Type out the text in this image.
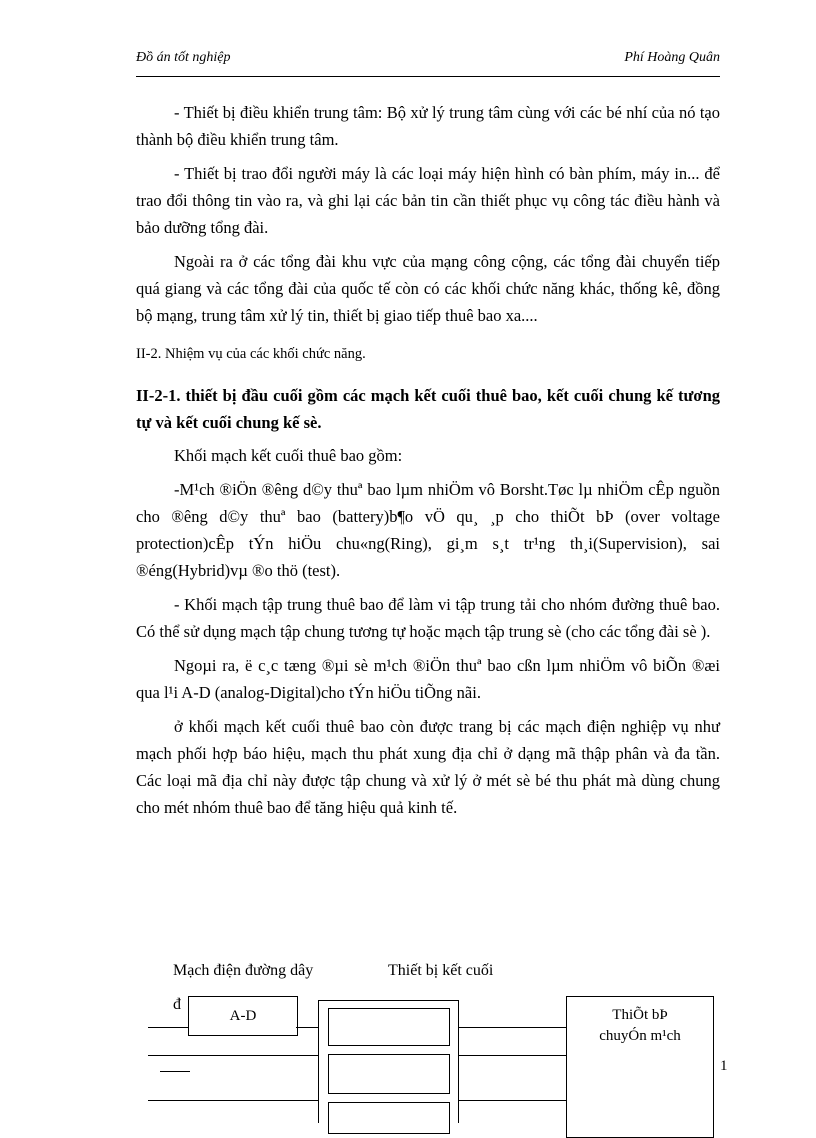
Đồ án tốt nghiệp	Phí Hoàng Quân

- Thiết bị điều khiển trung tâm: Bộ xử lý trung tâm cùng với các bé nhí của nó tạo thành bộ điều khiển trung tâm.

- Thiết bị trao đổi người máy là các loại máy hiện hình có bàn phím, máy in... để trao đổi thông tin vào ra, và ghi lại các bản tin cần thiết phục vụ công tác điều hành và bảo dưỡng tổng đài.

Ngoài ra ở các tổng đài khu vực của mạng công cộng, các tổng đài chuyển tiếp quá giang và các tổng đài của quốc tế còn có các khối chức năng khác, thống kê, đồng bộ mạng, trung tâm xử lý tin, thiết bị giao tiếp thuê bao xa....

II-2. Nhiệm vụ của các khối chức năng.

II-2-1. thiết bị đầu cuối gồm các mạch kết cuối thuê bao, kết cuối chung kế tương tự và kết cuối chung kế sè.

Khối mạch kết cuối thuê bao gồm:

-M¹ch ®iÖn ®êng d©y thuª bao lµm nhiÖm vô Borsht.Tøc lµ nhiÖm cÊp nguồn cho ®êng d©y thuª bao (battery)b¶o vÖ qu¸ ¸p cho thiÕt bÞ (over voltage protection)cÊp tÝn hiÖu chu«ng(Ring), gi¸m s¸t tr¹ng th¸i(Supervision), sai ®éng(Hybrid)vµ ®o thö (test).

- Khối mạch tập trung thuê bao để làm vi tập trung tải cho nhóm đường thuê bao. Có thể sử dụng mạch tập chung tương tự hoặc mạch tập trung sè (cho các tổng đài sè ).

Ngoµi ra, ë c¸c tæng ®µi sè m¹ch ®iÖn thuª bao cßn lµm nhiÖm vô biÕn ®æi qua l¹i A-D (analog-Digital)cho tÝn hiÖu tiÕng nãi.

ở khối mạch kết cuối thuê bao còn được trang bị các mạch điện nghiệp vụ như mạch phối hợp báo hiệu, mạch thu phát xung địa chỉ ở dạng mã thập phân và đa tần. Các loại mã địa chỉ này được tập chung và xử lý ở mét sè bé thu phát mà dùng chung cho mét nhóm thuê bao để tăng hiệu quả kinh tế.

Mạch điện đường dây	Thiết bị kết cuối
đ
A-D	ThiÕt bÞ chuyÓn m¹ch
1
